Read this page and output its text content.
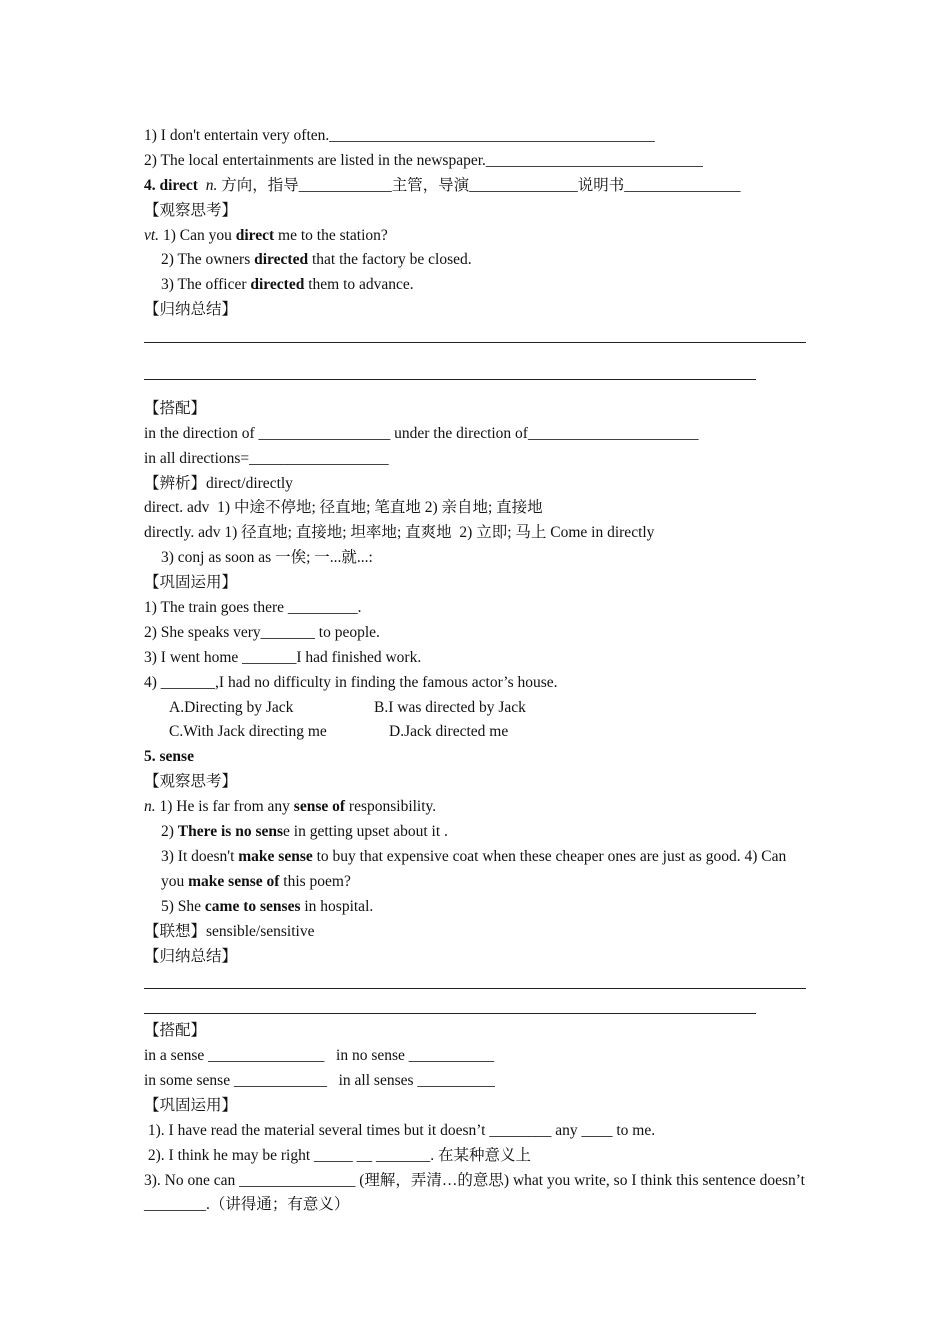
1) I don't entertain very often.__________________________________________
2) The local entertainments are listed in the newspaper.____________________________
4. direct n. 方向，指导____________主管，导演______________说明书_______________
【观察思考】
vt. 1) Can you direct me to the station?
2) The owners directed that the factory be closed.
3) The officer directed them to advance.
【归纳总结】
【搭配】
in the direction of _________________ under the direction of______________________
in all directions=__________________
【辨析】direct/directly
direct. adv  1) 中途不停地; 径直地; 笔直地 2) 亲自地; 直接地
directly. adv 1) 径直地; 直接地; 坦率地; 直爽地  2) 立即; 马上 Come in directly
3) conj as soon as 一俟; 一...就...:
【巩固运用】
1) The train goes there _________.
2) She speaks very_______ to people.
3) I went home _______I had finished work.
4) _______,I had no difficulty in finding the famous actor’s house.
A.Directing by Jack	B.I was directed by Jack
C.With Jack directing me	D.Jack directed me
5. sense
【观察思考】
n. 1) He is far from any sense of responsibility.
2) There is no sense in getting upset about it .
3) It doesn't make sense to buy that expensive coat when these cheaper ones are just as good. 4) Can you make sense of this poem?
5) She came to senses in hospital.
【联想】sensible/sensitive
【归纳总结】
【搭配】
in a sense _______________ in no sense ___________
in some sense ____________ in all senses __________
【巩固运用】
1). I have read the material several times but it doesn’t ________ any ____ to me.
2). I think he may be right _____ __ _______. 在某种意义上
3). No one can _______________ (理解，弄清…的意思) what you write, so I think this sentence doesn’t ________.（讲得通；有意义）
